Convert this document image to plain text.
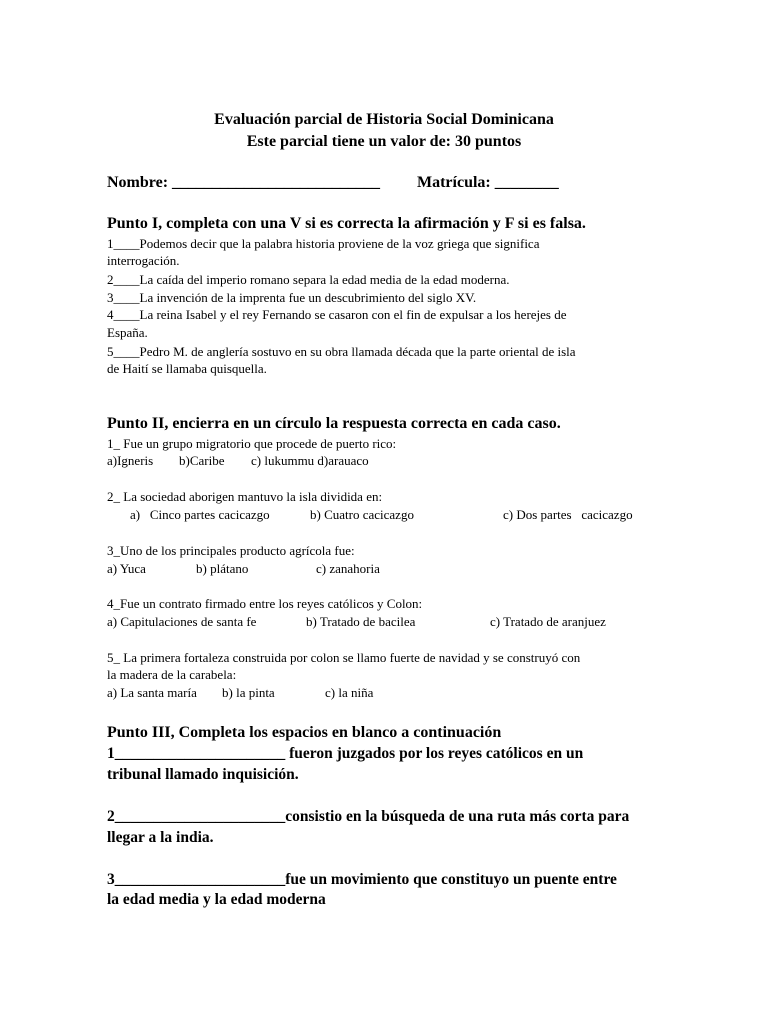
Evaluación parcial de Historia Social Dominicana
Este parcial tiene un valor de: 30 puntos
Nombre: __________________________ Matrícula: ________
Punto I, completa con una V si es correcta la afirmación y F si es falsa.
1____Podemos decir que la palabra historia proviene de la voz griega que significa
interrogación.
2____La caída del imperio romano separa la edad media de la edad moderna.
3____La invención de la imprenta fue un descubrimiento del siglo XV.
4____La reina Isabel y el rey Fernando se casaron con el fin de expulsar a los herejes de
España.
5____Pedro M. de anglería sostuvo en su obra llamada década que la parte oriental de isla
de Haití se llamaba quisquella.
Punto II, encierra en un círculo la respuesta correcta en cada caso.
1_ Fue un grupo migratorio que procede de puerto rico:
a)Igneris b)Caribe c) lukummu d)arauaco
2_ La sociedad aborigen mantuvo la isla dividida en:
a)   Cinco partes cacicazgo	b) Cuatro cacicazgo	c) Dos partes   cacicazgo
3_Uno de los principales producto agrícola fue:
a) Yuca	b) plátano	c) zanahoria
4_Fue un contrato firmado entre los reyes católicos y Colon:
a) Capitulaciones de santa fe	b) Tratado de bacilea	c) Tratado de aranjuez
5_ La primera fortaleza construida por colon se llamo fuerte de navidad y se construyó con
la madera de la carabela:
a) La santa maría b) la pinta	c) la niña
Punto III, Completa los espacios en blanco a continuación
1______________________ fueron juzgados por los reyes católicos en un
tribunal llamado inquisición.
2______________________consistio en la búsqueda de una ruta más corta para
llegar a la india.
3______________________fue un movimiento que constituyo un puente entre
la edad media y la edad moderna
